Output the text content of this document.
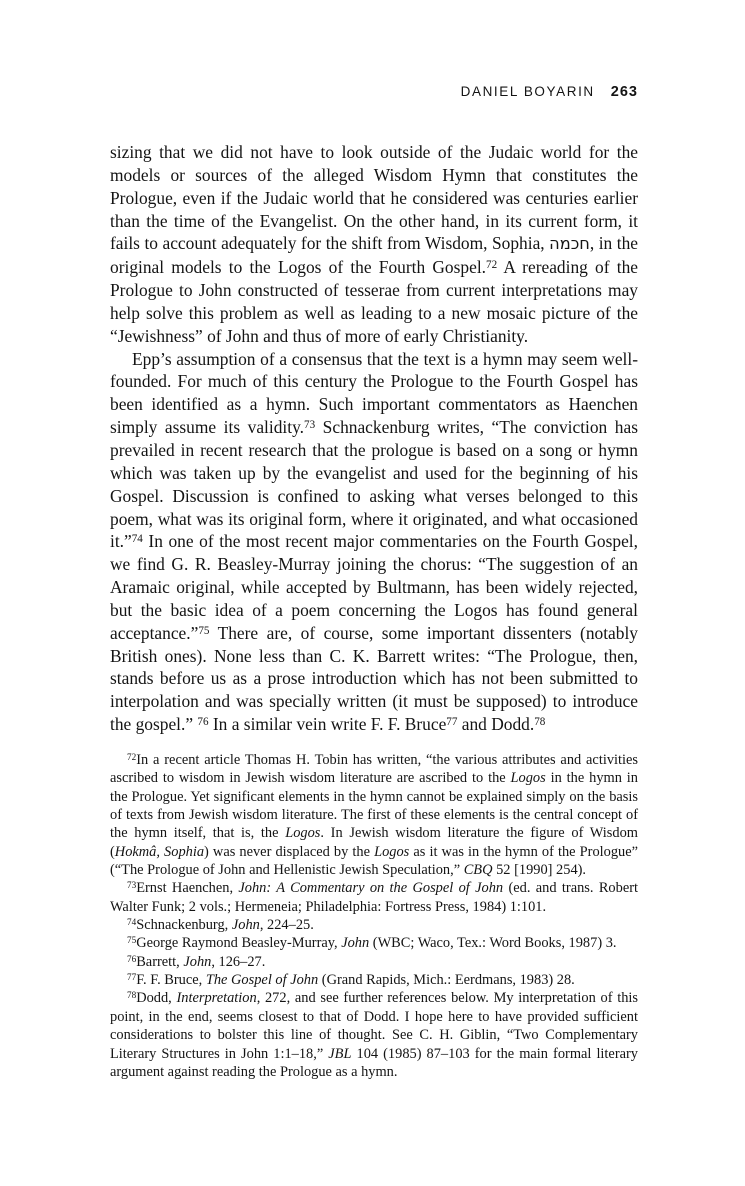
DANIEL BOYARIN 263

sizing that we did not have to look outside of the Judaic world for the models or sources of the alleged Wisdom Hymn that constitutes the Prologue, even if the Judaic world that he considered was centuries earlier than the time of the Evangelist. On the other hand, in its current form, it fails to account adequately for the shift from Wisdom, Sophia, חכמה, in the original models to the Logos of the Fourth Gospel.$^{72}$ A rereading of the Prologue to John constructed of tesserae from current interpretations may help solve this problem as well as leading to a new mosaic picture of the “Jewishness” of John and thus of more of early Christianity.

Epp’s assumption of a consensus that the text is a hymn may seem well-founded. For much of this century the Prologue to the Fourth Gospel has been identified as a hymn. Such important commentators as Haenchen simply assume its validity.$^{73}$ Schnackenburg writes, “The conviction has prevailed in recent research that the prologue is based on a song or hymn which was taken up by the evangelist and used for the beginning of his Gospel. Discussion is confined to asking what verses belonged to this poem, what was its original form, where it originated, and what occasioned it.”$^{74}$ In one of the most recent major commentaries on the Fourth Gospel, we find G. R. Beasley-Murray joining the chorus: “The suggestion of an Aramaic original, while accepted by Bultmann, has been widely rejected, but the basic idea of a poem concerning the Logos has found general acceptance.”$^{75}$ There are, of course, some important dissenters (notably British ones). None less than C. K. Barrett writes: “The Prologue, then, stands before us as a prose introduction which has not been submitted to interpolation and was specially written (it must be supposed) to introduce the gospel.” $^{76}$ In a similar vein write F. F. Bruce$^{77}$ and Dodd.$^{78}$

$^{72}$In a recent article Thomas H. Tobin has written, “the various attributes and activities ascribed to wisdom in Jewish wisdom literature are ascribed to the Logos in the hymn in the Prologue. Yet significant elements in the hymn cannot be explained simply on the basis of texts from Jewish wisdom literature. The first of these elements is the central concept of the hymn itself, that is, the Logos. In Jewish wisdom literature the figure of Wisdom (Hokmâ, Sophia) was never displaced by the Logos as it was in the hymn of the Prologue” (“The Prologue of John and Hellenistic Jewish Speculation,” CBQ 52 [1990] 254).

$^{73}$Ernst Haenchen, John: A Commentary on the Gospel of John (ed. and trans. Robert Walter Funk; 2 vols.; Hermeneia; Philadelphia: Fortress Press, 1984) 1:101.

$^{74}$Schnackenburg, John, 224–25.

$^{75}$George Raymond Beasley-Murray, John (WBC; Waco, Tex.: Word Books, 1987) 3.

$^{76}$Barrett, John, 126–27.

$^{77}$F. F. Bruce, The Gospel of John (Grand Rapids, Mich.: Eerdmans, 1983) 28.

$^{78}$Dodd, Interpretation, 272, and see further references below. My interpretation of this point, in the end, seems closest to that of Dodd. I hope here to have provided sufficient considerations to bolster this line of thought. See C. H. Giblin, “Two Complementary Literary Structures in John 1:1–18,” JBL 104 (1985) 87–103 for the main formal literary argument against reading the Prologue as a hymn.
